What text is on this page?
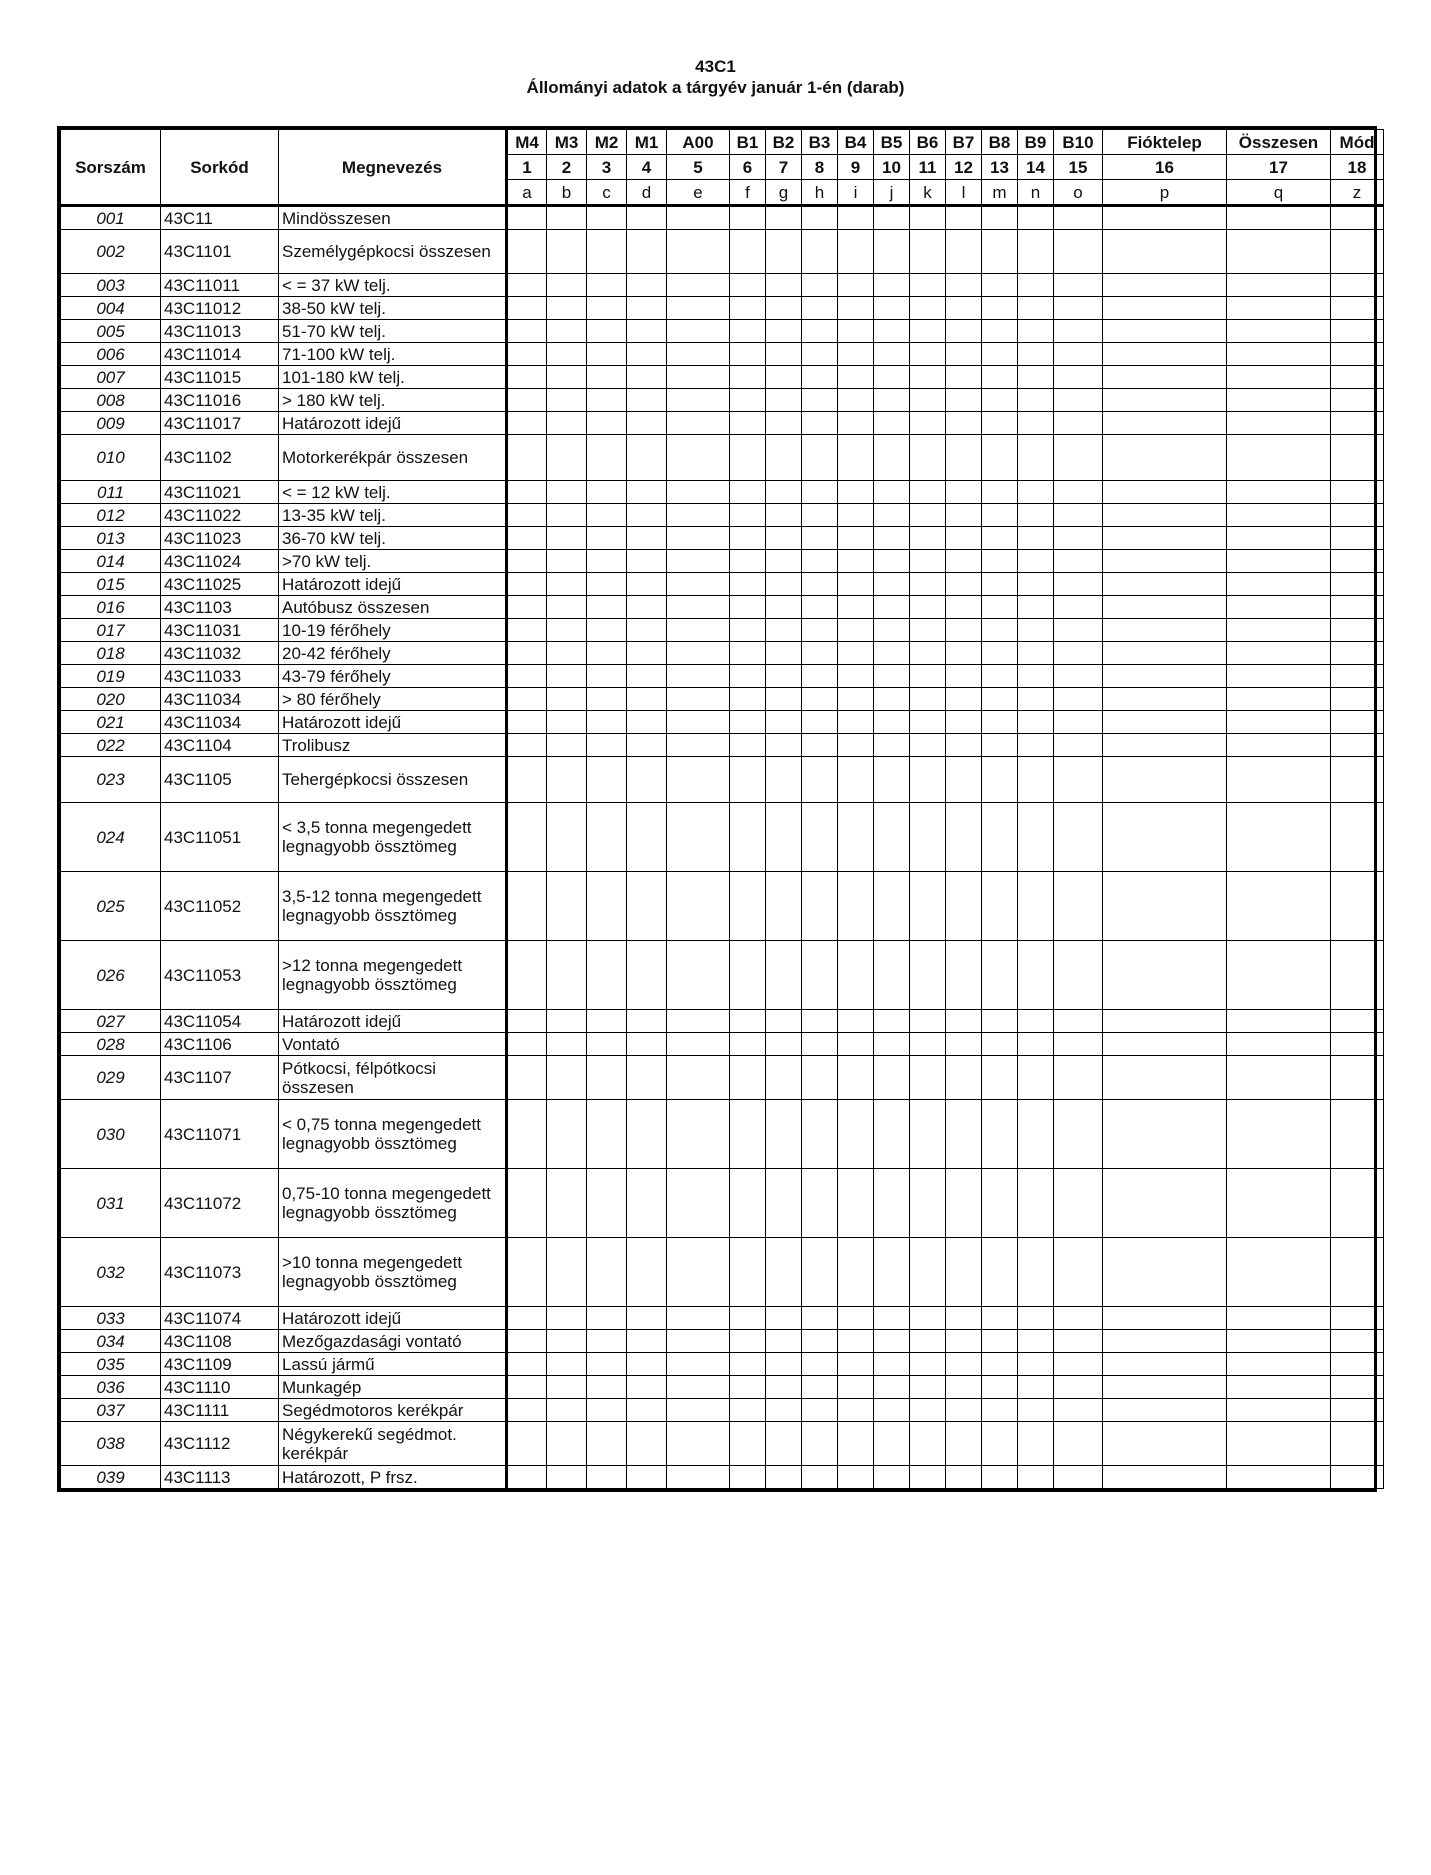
43C1
Állományi adatok a tárgyév január 1-én (darab)
Sorszám	Sorkód	Megnevezés	M4	M3	M2	M1	A00	B1	B2	B3	B4	B5	B6	B7	B8	B9	B10	Fióktelep	Összesen	Mód
			1	2	3	4	5	6	7	8	9	10	11	12	13	14	15	16	17	18
			a	b	c	d	e	f	g	h	i	j	k	l	m	n	o	p	q	z
001	43C11	Mindösszesen																		
002	43C1101	Személygépkocsi összesen																		
003	43C11011	< = 37 kW telj.																		
004	43C11012	38-50 kW telj.																		
005	43C11013	51-70 kW telj.																		
006	43C11014	71-100 kW telj.																		
007	43C11015	101-180 kW telj.																		
008	43C11016	> 180 kW telj.																		
009	43C11017	Határozott idejű																		
010	43C1102	Motorkerékpár összesen																		
011	43C11021	< = 12 kW telj.																		
012	43C11022	13-35 kW telj.																		
013	43C11023	36-70 kW telj.																		
014	43C11024	>70 kW telj.																		
015	43C11025	Határozott idejű																		
016	43C1103	Autóbusz összesen																		
017	43C11031	10-19 férőhely																		
018	43C11032	20-42 férőhely																		
019	43C11033	43-79 férőhely																		
020	43C11034	> 80 férőhely																		
021	43C11034	Határozott idejű																		
022	43C1104	Trolibusz																		
023	43C1105	Tehergépkocsi összesen																		
024	43C11051	< 3,5 tonna megengedett legnagyobb össztömeg																		
025	43C11052	3,5-12 tonna megengedett legnagyobb össztömeg																		
026	43C11053	>12 tonna megengedett legnagyobb össztömeg																		
027	43C11054	Határozott idejű																		
028	43C1106	Vontató																		
029	43C1107	Pótkocsi, félpótkocsi összesen																		
030	43C11071	< 0,75 tonna megengedett legnagyobb össztömeg																		
031	43C11072	0,75-10 tonna megengedett legnagyobb össztömeg																		
032	43C11073	>10 tonna megengedett legnagyobb össztömeg																		
033	43C11074	Határozott idejű																		
034	43C1108	Mezőgazdasági vontató																		
035	43C1109	Lassú jármű																		
036	43C1110	Munkagép																		
037	43C1111	Segédmotoros kerékpár																		
038	43C1112	Négykerekű segédmot. kerékpár																		
039	43C1113	Határozott, P frsz.																		
